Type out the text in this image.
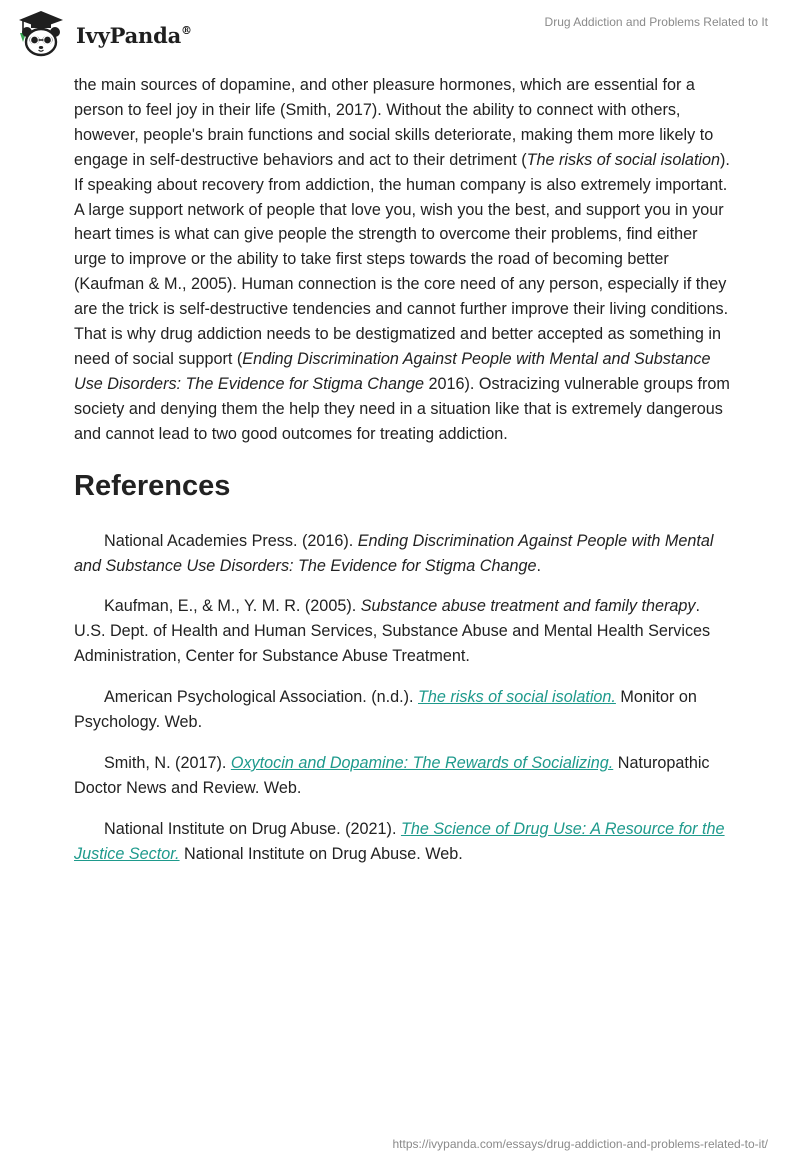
IvyPanda®
Drug Addiction and Problems Related to It

the main sources of dopamine, and other pleasure hormones, which are essential for a person to feel joy in their life (Smith, 2017). Without the ability to connect with others, however, people's brain functions and social skills deteriorate, making them more likely to engage in self-destructive behaviors and act to their detriment (The risks of social isolation). If speaking about recovery from addiction, the human company is also extremely important. A large support network of people that love you, wish you the best, and support you in your heart times is what can give people the strength to overcome their problems, find either urge to improve or the ability to take first steps towards the road of becoming better (Kaufman & M., 2005). Human connection is the core need of any person, especially if they are the trick is self-destructive tendencies and cannot further improve their living conditions. That is why drug addiction needs to be destigmatized and better accepted as something in need of social support (Ending Discrimination Against People with Mental and Substance Use Disorders: The Evidence for Stigma Change 2016). Ostracizing vulnerable groups from society and denying them the help they need in a situation like that is extremely dangerous and cannot lead to two good outcomes for treating addiction.

References

National Academies Press. (2016). Ending Discrimination Against People with Mental and Substance Use Disorders: The Evidence for Stigma Change.

Kaufman, E., & M., Y. M. R. (2005). Substance abuse treatment and family therapy. U.S. Dept. of Health and Human Services, Substance Abuse and Mental Health Services Administration, Center for Substance Abuse Treatment.

American Psychological Association. (n.d.). The risks of social isolation. Monitor on Psychology. Web.

Smith, N. (2017). Oxytocin and Dopamine: The Rewards of Socializing. Naturopathic Doctor News and Review. Web.

National Institute on Drug Abuse. (2021). The Science of Drug Use: A Resource for the Justice Sector. National Institute on Drug Abuse. Web.

https://ivypanda.com/essays/drug-addiction-and-problems-related-to-it/
